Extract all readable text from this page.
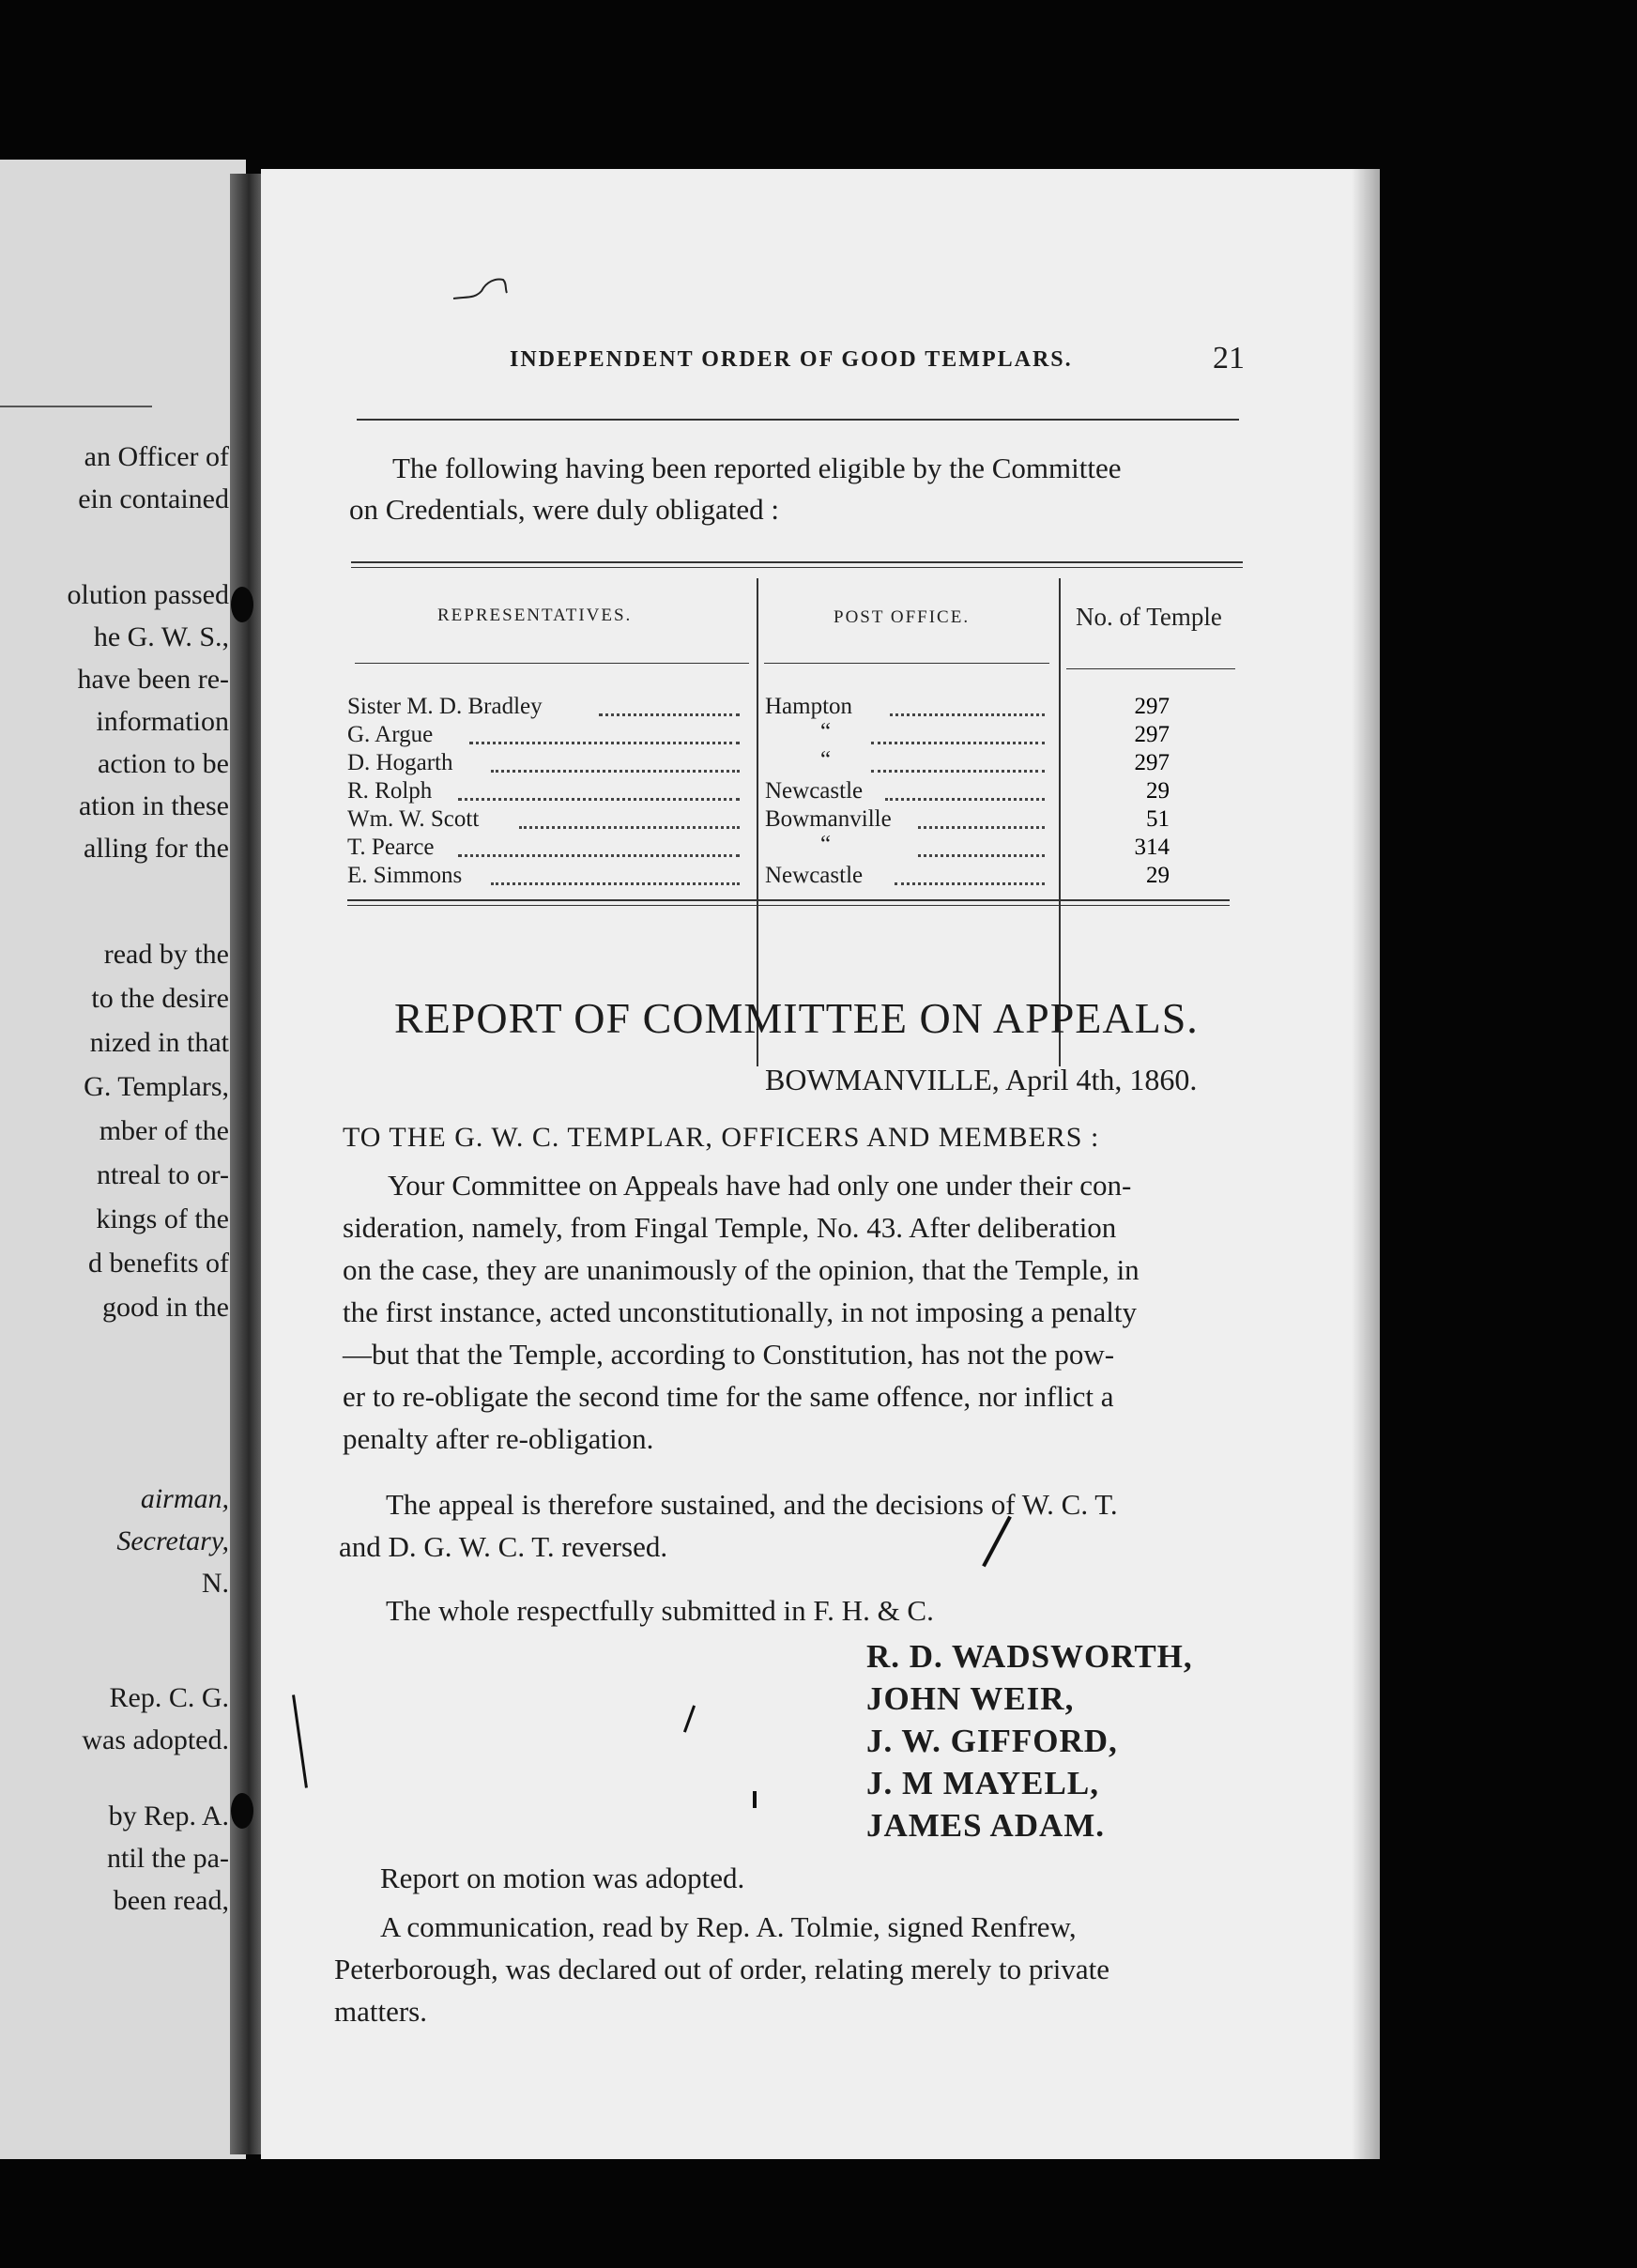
an Officer of
ein contained
olution passed
he G. W. S.,
have been re-
information
action to be
ation in these
alling for the
read by the
to the desire
nized in that
G. Templars,
mber of the
ntreal to or-
kings of the
d benefits of
good in the
airman,
Secretary,
N.
Rep. C. G.
was adopted.
by Rep. A.
ntil the pa-
been read,
INDEPENDENT ORDER OF GOOD TEMPLARS.	21
The following having been reported eligible by the Committee
on Credentials, were duly obligated :
REPRESENTATIVES.	POST OFFICE.	No. of Temple
Sister M. D. Bradley	Hampton	297
G. Argue	“	297
D. Hogarth	“	297
R. Rolph	Newcastle	29
Wm. W. Scott	Bowmanville	51
T. Pearce	“	314
E. Simmons	Newcastle	29
REPORT OF COMMITTEE ON APPEALS.
BOWMANVILLE, April 4th, 1860.
TO THE G. W. C. TEMPLAR, OFFICERS AND MEMBERS :
Your Committee on Appeals have had only one under their con-
sideration, namely, from Fingal Temple, No. 43. After deliberation
on the case, they are unanimously of the opinion, that the Temple, in
the first instance, acted unconstitutionally, in not imposing a penalty
—but that the Temple, according to Constitution, has not the pow-
er to re-obligate the second time for the same offence, nor inflict a
penalty after re-obligation.
The appeal is therefore sustained, and the decisions of W. C. T.
and D. G. W. C. T. reversed.
The whole respectfully submitted in F. H. & C.
R. D. WADSWORTH,
JOHN WEIR,
J. W. GIFFORD,
J. M MAYELL,
JAMES ADAM.
Report on motion was adopted.
A communication, read by Rep. A. Tolmie, signed Renfrew,
Peterborough, was declared out of order, relating merely to private
matters.
